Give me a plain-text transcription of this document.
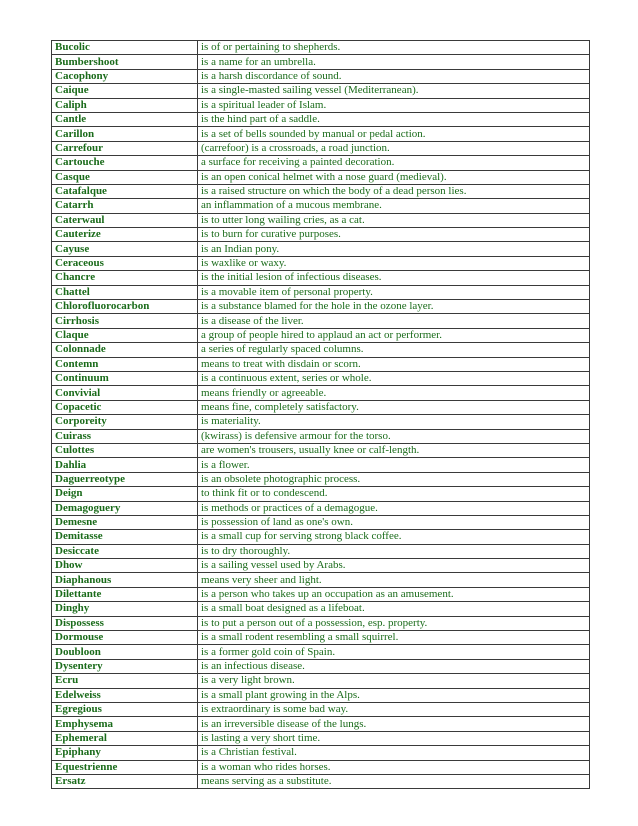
Bucolic	is of or pertaining to shepherds.
Bumbershoot	is a name for an umbrella.
Cacophony	is a harsh discordance of sound.
Caique	is a single-masted sailing vessel (Mediterranean).
Caliph	is a spiritual leader of Islam.
Cantle	is the hind part of a saddle.
Carillon	is a set of bells sounded by manual or pedal action.
Carrefour	(carrefoor) is a crossroads, a road junction.
Cartouche	a surface for receiving a painted decoration.
Casque	is an open conical helmet with a nose guard (medieval).
Catafalque	is a raised structure on which the body of a dead person lies.
Catarrh	an inflammation of a mucous membrane.
Caterwaul	is to utter long wailing cries, as a cat.
Cauterize	is to burn for curative purposes.
Cayuse	is an Indian pony.
Ceraceous	is waxlike or waxy.
Chancre	is the initial lesion of infectious diseases.
Chattel	is a movable item of personal property.
Chlorofluorocarbon	is a substance blamed for the hole in the ozone layer.
Cirrhosis	is a disease of the liver.
Claque	a group of people hired to applaud an act or performer.
Colonnade	a series of regularly spaced columns.
Contemn	means to treat with disdain or scorn.
Continuum	is a continuous extent, series or whole.
Convivial	means friendly or agreeable.
Copacetic	means fine, completely satisfactory.
Corporeity	is materiality.
Cuirass	(kwirass) is defensive armour for the torso.
Culottes	are women's trousers, usually knee or calf-length.
Dahlia	is a flower.
Daguerreotype	is an obsolete photographic process.
Deign	to think fit or to condescend.
Demagoguery	is methods or practices of a demagogue.
Demesne	is possession of land as one's own.
Demitasse	is a small cup for serving strong black coffee.
Desiccate	is to dry thoroughly.
Dhow	is a sailing vessel used by Arabs.
Diaphanous	means very sheer and light.
Dilettante	is a person who takes up an occupation as an amusement.
Dinghy	is a small boat designed as a lifeboat.
Dispossess	is to put a person out of a possession, esp. property.
Dormouse	is a small rodent resembling a small squirrel.
Doubloon	is a former gold coin of Spain.
Dysentery	is an infectious disease.
Ecru	is a very light brown.
Edelweiss	is a small plant growing in the Alps.
Egregious	is extraordinary is some bad way.
Emphysema	is an irreversible disease of the lungs.
Ephemeral	is lasting a very short time.
Epiphany	is a Christian festival.
Equestrienne	is a woman who rides horses.
Ersatz	means serving as a substitute.
